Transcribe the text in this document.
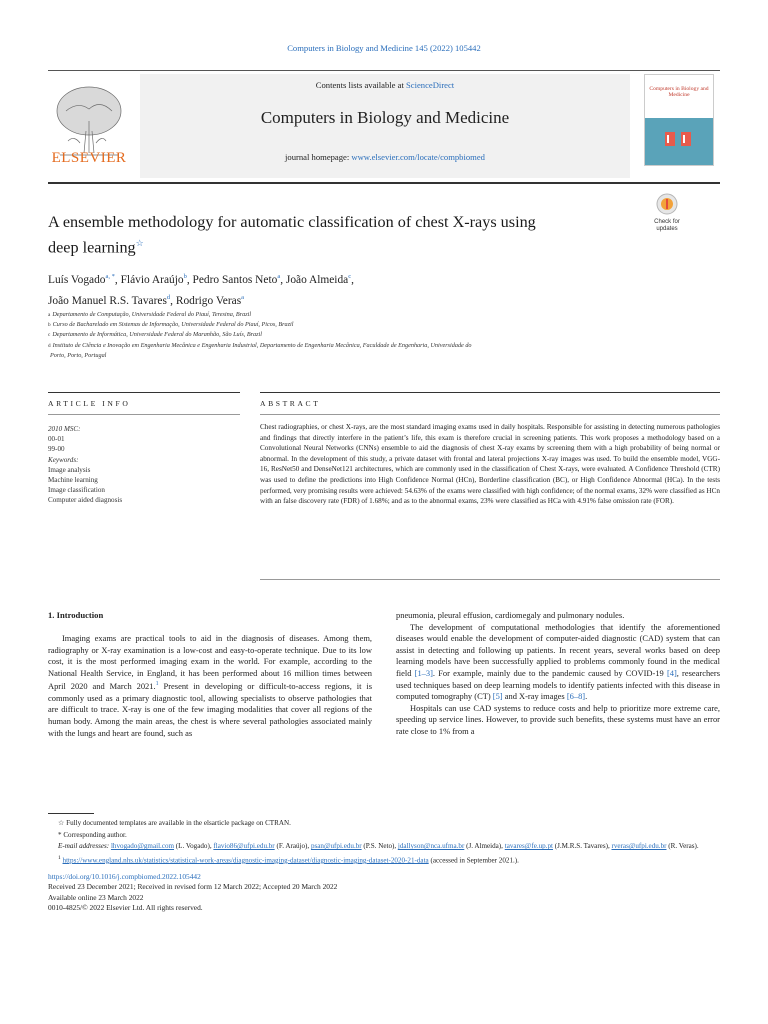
Computers in Biology and Medicine 145 (2022) 105442
ELSEVIER
Contents lists available at ScienceDirect
Computers in Biology and Medicine
journal homepage: www.elsevier.com/locate/compbiomed
Computers in Biology and Medicine
A ensemble methodology for automatic classification of chest X-rays using
deep learning☆
Check for
updates
Luís Vogado$^{a, *}$, Flávio Araújo$^b$, Pedro Santos Neto$^a$, João Almeida$^c$,
João Manuel R.S. Tavares$^d$, Rodrigo Veras$^a$
$^a$ Departamento de Computação, Universidade Federal do Piauí, Teresina, Brazil
$^b$ Curso de Bacharelado em Sistemas de Informação, Universidade Federal do Piauí, Picos, Brazil
$^c$ Departamento de Informática, Universidade Federal do Maranhão, São Luís, Brazil
$^d$ Instituto de Ciência e Inovação em Engenharia Mecânica e Engenharia Industrial, Departamento de Engenharia Mecânica, Faculdade de Engenharia, Universidade do
Porto, Porto, Portugal
ARTICLE INFO	ABSTRACT
2010 MSC:
00-01
99-00
Keywords:
Image analysis
Machine learning
Image classification
Computer aided diagnosis
Chest radiographies, or chest X-rays, are the most standard imaging exams used in daily hospitals. Responsible for assisting in detecting numerous pathologies and findings that directly interfere in the patient’s life, this exam is therefore crucial in screening patients. This work proposes a methodology based on a Convolutional Neural Networks (CNNs) ensemble to aid the diagnosis of chest X-ray exams by screening them with a high probability of being normal or abnormal. In the development of this study, a private dataset with frontal and lateral projections X-ray images was used. To build the ensemble model, VGG-16, ResNet50 and DenseNet121 architectures, which are commonly used in the classification of Chest X-rays, were evaluated. A Confidence Threshold (CTR) was used to define the predictions into High Confidence Normal (HCn), Borderline classification (BC), or High Confidence Abnormal (HCa). In the tests performed, very promising results were achieved: 54.63% of the exams were classified with high confidence; of the normal exams, 32% were classified as HCn with an false discovery rate (FDR) of 1.68%; and as to the abnormal exams, 23% were classified as HCa with 4.91% false omission rate (FOR).
1. Introduction

Imaging exams are practical tools to aid in the diagnosis of diseases. Among them, radiography or X-ray examination is a low-cost and easy-to-operate technique. Due to its low cost, it is the most performed imaging exam in the world. For example, according to the National Health Service, in England, it has been performed about 16 million times between April 2020 and March 2021.$^1$ Present in developing or difficult-to-access regions, it is commonly used as a primary diagnostic tool, allowing specialists to observe pathologies that are difficult to trace. X-ray is one of the few imaging modalities that cover all regions of the human body. Among the main areas, the chest is where several pathologies associated mainly with the lungs and heart are found, such as

pneumonia, pleural effusion, cardiomegaly and pulmonary nodules.

The development of computational methodologies that identify the aforementioned diseases would enable the development of computer-aided diagnostic (CAD) system that can assist in detecting and following up patients. In recent years, several works based on deep learning models have been successfully applied to problems commonly found in the medical field [1–3]. For example, mainly due to the pandemic caused by COVID-19 [4], researchers used techniques based on deep learning models to identify patients infected with this disease in computed tomography (CT) [5] and X-ray images [6–8].

Hospitals can use CAD systems to reduce costs and help to prioritize more extreme care, speeding up service lines. However, to provide such benefits, these systems must have an error rate close to 1% from a

☆ Fully documented templates are available in the elsarticle package on CTRAN.

* Corresponding author.

E-mail addresses: lhvogado@gmail.com (L. Vogado), flavio86@ufpi.edu.br (F. Araújo), psan@ufpi.edu.br (P.S. Neto), jdallyson@nca.ufma.br (J. Almeida), tavares@fe.up.pt (J.M.R.S. Tavares), rveras@ufpi.edu.br (R. Veras).

$^1$ https://www.england.nhs.uk/statistics/statistical-work-areas/diagnostic-imaging-dataset/diagnostic-imaging-dataset-2020-21-data (accessed in September 2021.).

https://doi.org/10.1016/j.compbiomed.2022.105442
Received 23 December 2021; Received in revised form 12 March 2022; Accepted 20 March 2022
Available online 23 March 2022
0010-4825/© 2022 Elsevier Ltd. All rights reserved.
